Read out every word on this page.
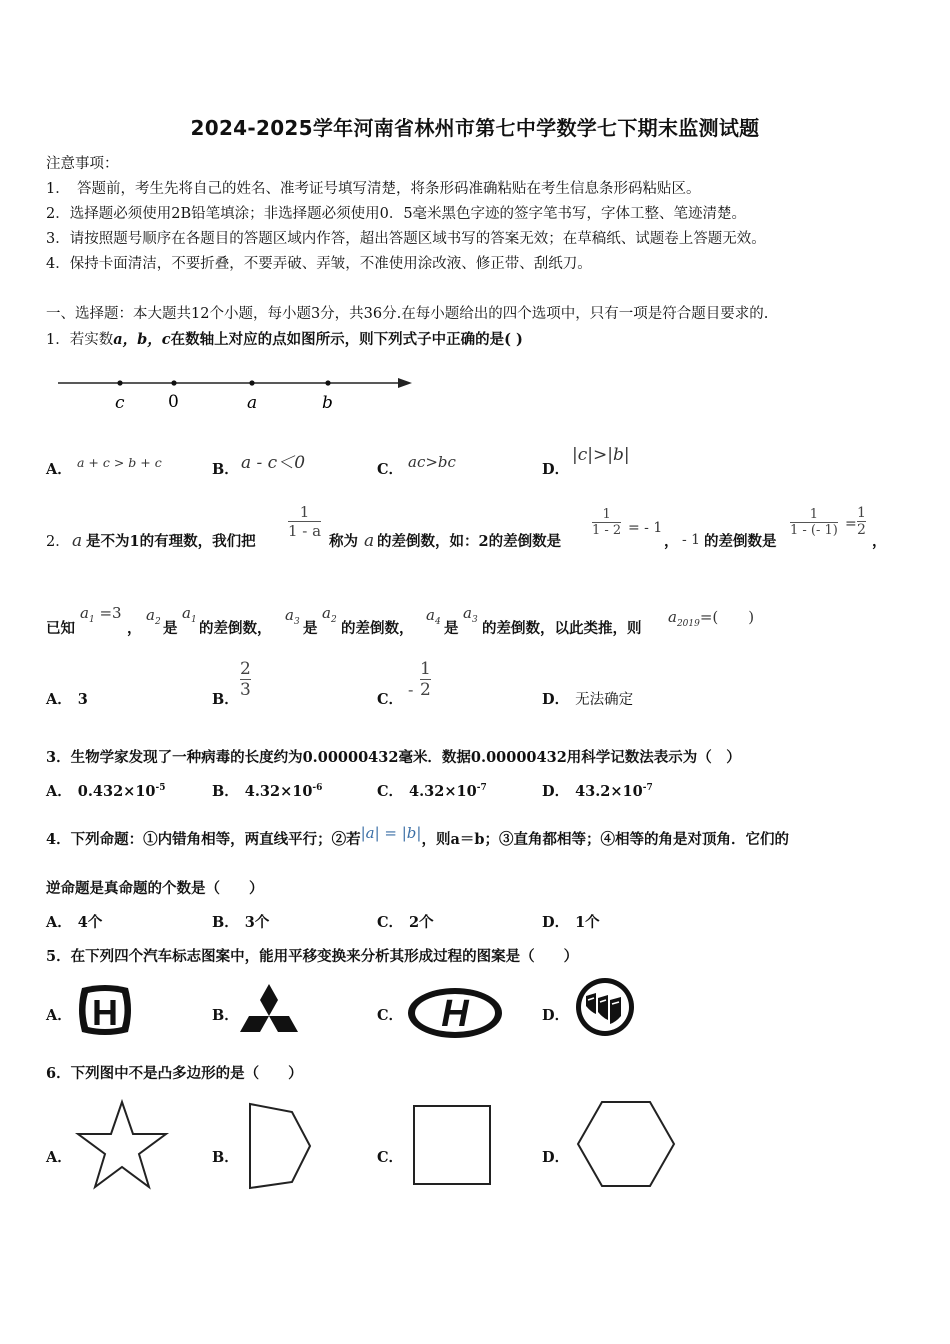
2024-2025学年河南省林州市第七中学数学七下期末监测试题
注意事项：
1．　答题前，考生先将自己的姓名、准考证号填写清楚，将条形码准确粘贴在考生信息条形码粘贴区。
2．选择题必须使用2B铅笔填涂；非选择题必须使用0．5毫米黑色字迹的签字笔书写，字体工整、笔迹清楚。
3．请按照题号顺序在各题目的答题区域内作答，超出答题区域书写的答案无效；在草稿纸、试题卷上答题无效。
4．保持卡面清洁，不要折叠，不要弄破、弄皱，不准使用涂改液、修正带、刮纸刀。
一、选择题：本大题共12个小题，每小题3分，共36分.在每小题给出的四个选项中，只有一项是符合题目要求的.
1．若实数a，b，c在数轴上对应的点如图所示，则下列式子中正确的是( )
c	0	a	b
A． a + c > b + c	B． a - c＜0	C． ac>bc	D．
|c|>|b|
2． a 是不为1的有理数，我们把
$\frac{1}{1 - a}$
称为 a 的差倒数，如：2的差倒数是
$\frac{1}{1 - 2}$ = - 1
， - 1 的差倒数是
$\frac{1}{1 - (- 1)} = \frac{1}{2}$
，
已知
$a_1 =3$
，
$a_2$ 是
$a_1$ 的差倒数，
$a_3$ 是
$a_2$ 的差倒数，
$a_4$ 是
$a_3$ 的差倒数，以此类推，则
$a_{2019}=$(　　)
A． 3	B．
$\frac{2}{3}$
C．
- $\frac{1}{2}$
D． 无法确定
3．生物学家发现了一种病毒的长度约为0.00000432毫米．数据0.00000432用科学记数法表示为（　）
A． $0.432\times 10^{-5}$	B． $4.32\times 10^{-6}$	C． $4.32\times 10^{-7}$	D． $43.2\times 10^{-7}$
4．下列命题：①内错角相等，两直线平行；②若|a| = |b|，则a＝b；③直角都相等；④相等的角是对顶角．它们的
逆命题是真命题的个数是（　　）
A． 4个	B． 3个	C． 2个	D． 1个
5．在下列四个汽车标志图案中，能用平移变换来分析其形成过程的图案是（　　）
A． H	B．	C． H	D．
6．下列图中不是凸多边形的是（　　）
A．	B．	C．	D．
